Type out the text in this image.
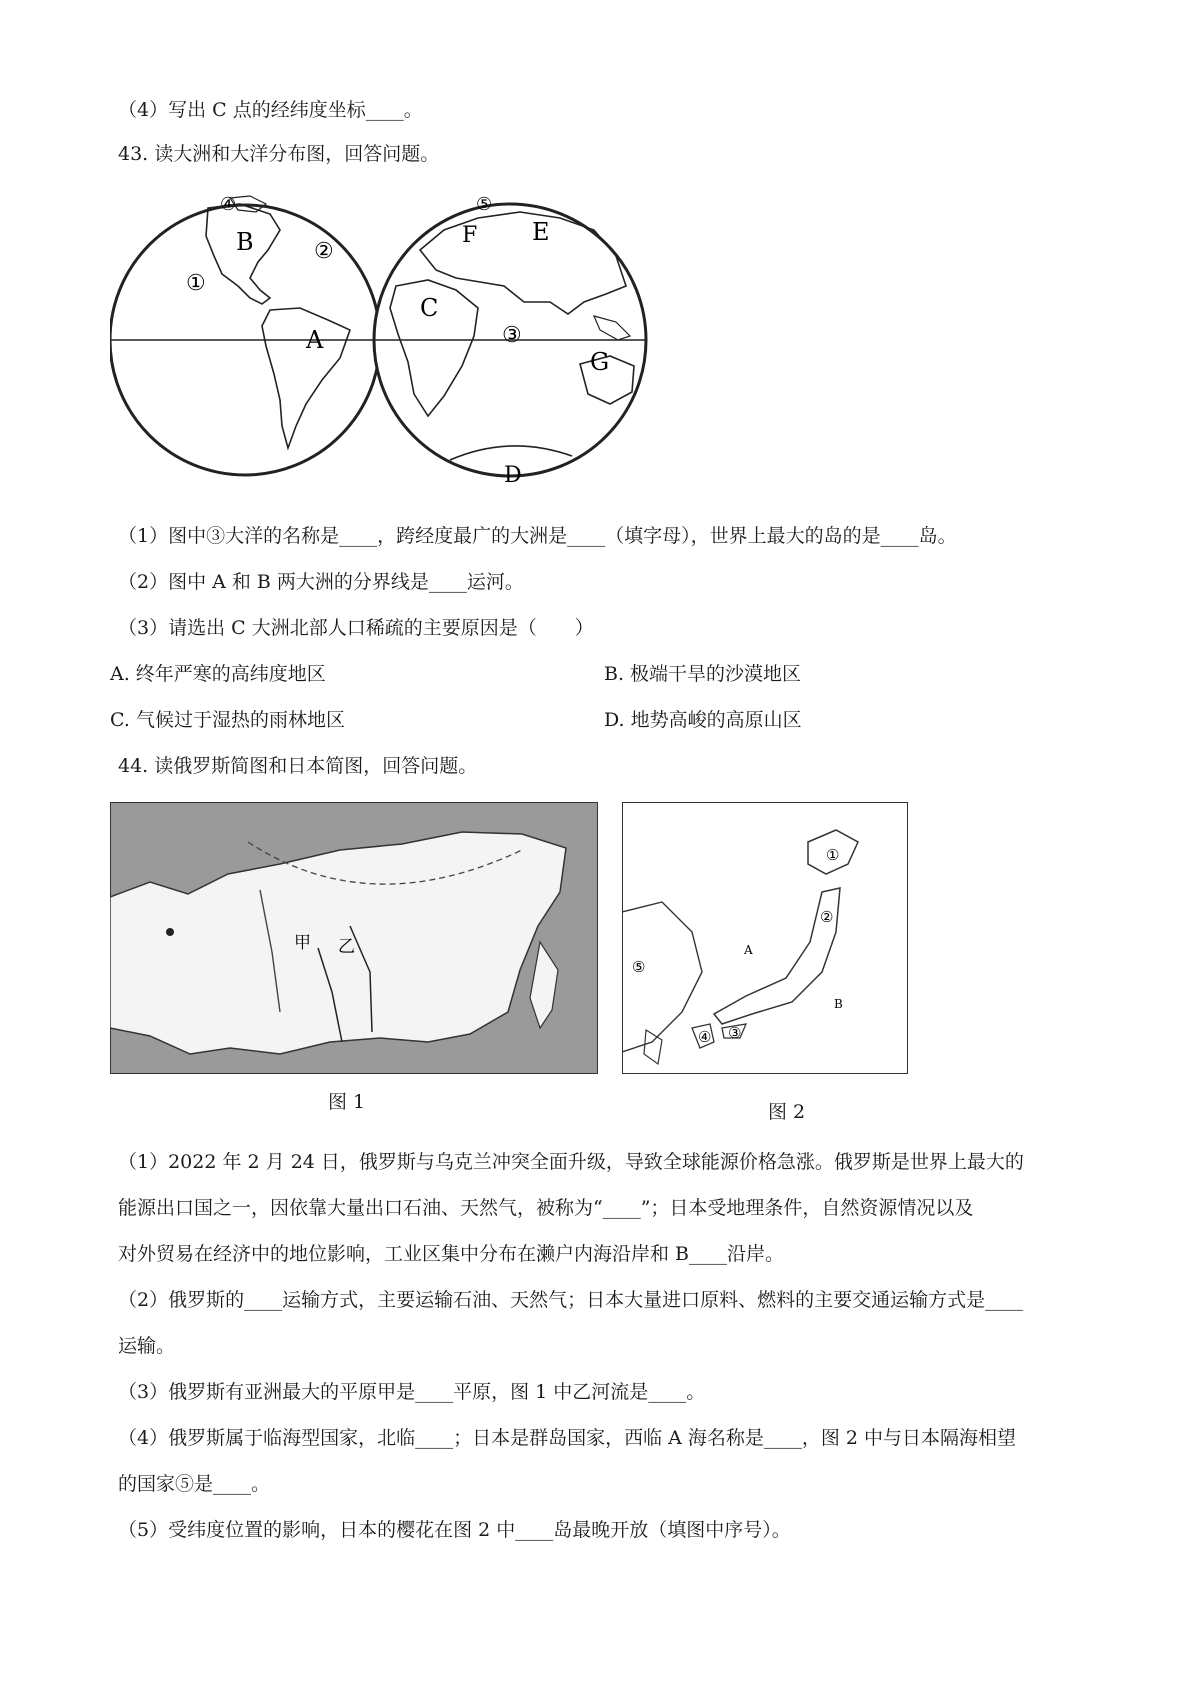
（4）写出 C 点的经纬度坐标____。
43. 读大洲和大洋分布图，回答问题。
B
A
C
D
E
F
G
①
②
③
④	⑤
（1）图中③大洋的名称是____，跨经度最广的大洲是____（填字母），世界上最大的岛的是____岛。
（2）图中 A 和 B 两大洲的分界线是____运河。
（3）请选出 C 大洲北部人口稀疏的主要原因是（　　）
A. 终年严寒的高纬度地区	B. 极端干旱的沙漠地区
C. 气候过于湿热的雨林地区	D. 地势高峻的高原山区
44. 读俄罗斯简图和日本简图，回答问题。
甲 乙
①
②
③
④
⑤
A
B
图 1	图 2
（1）2022 年 2 月 24 日，俄罗斯与乌克兰冲突全面升级，导致全球能源价格急涨。俄罗斯是世界上最大的
能源出口国之一，因依靠大量出口石油、天然气，被称为“____”；日本受地理条件，自然资源情况以及
对外贸易在经济中的地位影响，工业区集中分布在濑户内海沿岸和 B____沿岸。
（2）俄罗斯的____运输方式，主要运输石油、天然气；日本大量进口原料、燃料的主要交通运输方式是____
运输。
（3）俄罗斯有亚洲最大的平原甲是____平原，图 1 中乙河流是____。
（4）俄罗斯属于临海型国家，北临____；日本是群岛国家，西临 A 海名称是____，图 2 中与日本隔海相望
的国家⑤是____。
（5）受纬度位置的影响，日本的樱花在图 2 中____岛最晚开放（填图中序号）。
